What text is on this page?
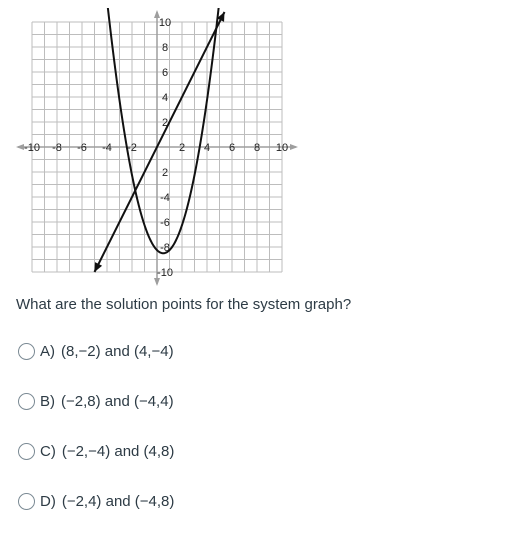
-10 -8 -6 -4 -2	2 4 6 8 10
10
8
6
4
2
2
-4
-6
-8
-10
What are the solution points for the system graph?
A) (8,−2) and (4,−4)
B) (−2,8) and (−4,4)
C) (−2,−4) and (4,8)
D) (−2,4) and (−4,8)
